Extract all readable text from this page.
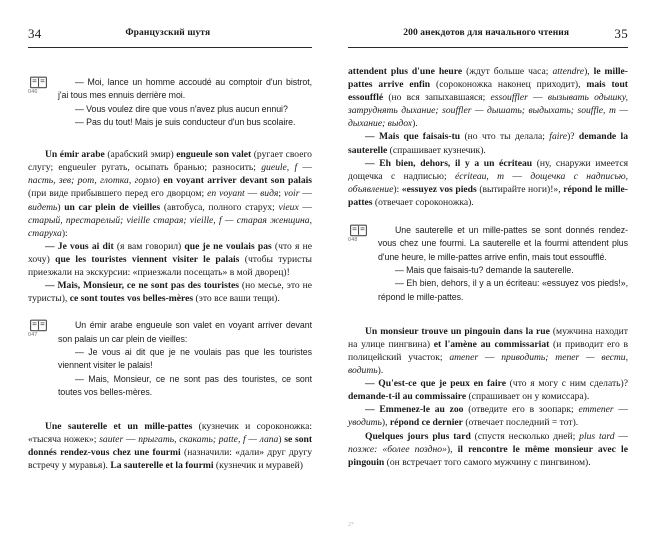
34	Французский шутя
046

— Moi, lance un homme accoudé au comptoir d'un bistrot, j'ai tous mes ennuis derrière moi.

— Vous voulez dire que vous n'avez plus aucun ennui?

— Pas du tout! Mais je suis conducteur d'un bus scolaire.

Un émir arabe (арабский эмир) engueule son valet (ругает своего слугу; engueuler ругать, осыпать бранью; разносить; gueule, f — пасть, зев; рот, глотка, горло) en voyant arriver devant son palais (при виде прибывшего перед его дворцом; en voyant — видя; voir — видеть) un car plein de vieilles (автобуса, полного старух; vieux — старый, престарелый; vieille старая; vieille, f — старая женщина, старуха):

— Je vous ai dit (я вам говорил) que je ne voulais pas (что я не хочу) que les touristes viennent visiter le palais (чтобы туристы приезжали на экскурсии: «приезжали посещать» в мой дворец)!

— Mais, Monsieur, ce ne sont pas des touristes (но месье, это не туристы), ce sont toutes vos belles-mères (это все ваши тещи).

047

Un émir arabe engueule son valet en voyant arriver devant son palais un car plein de vieilles:

— Je vous ai dit que je ne voulais pas que les touristes viennent visiter le palais!

— Mais, Monsieur, ce ne sont pas des touristes, ce sont toutes vos belles-mères.

Une sauterelle et un mille-pattes (кузнечик и сороконожка: «тысяча ножек»; sauter — прыгать, скакать; patte, f — лапа) se sont donnés rendez-vous chez une fourmi (назначили: «дали» друг другу встречу у муравья). La sauterelle et la fourmi (кузнечик и муравей)

200 анекдотов для начального чтения	35

attendent plus d'une heure (ждут больше часа; attendre), le mille-pattes arrive enfin (сороконожка наконец приходит), mais tout essoufflé (но вся запыхавшаяся; essouffler — вызывать одышку, затруднять дыхание; souffler — дышать; выдыхать; souffle, m — дыхание; выдох).

— Mais que faisais-tu (но что ты делала; faire)? demande la sauterelle (спрашивает кузнечик).

— Eh bien, dehors, il y a un écriteau (ну, снаружи имеется дощечка с надписью; écriteau, m — дощечка с надписью, объявление): «essuyez vos pieds (вытирайте ноги)!», répond le mille-pattes (отвечает сороконожка).

048

Une sauterelle et un mille-pattes se sont donnés rendez-vous chez une fourmi. La sauterelle et la fourmi attendent plus d'une heure, le mille-pattes arrive enfin, mais tout essoufflé.

— Mais que faisais-tu? demande la sauterelle.

— Eh bien, dehors, il y a un écriteau: «essuyez vos pieds!», répond le mille-pattes.

Un monsieur trouve un pingouin dans la rue (мужчина находит на улице пингвина) et l'amène au commissariat (и приводит его в полицейский участок; amener — приводить; mener — вести, водить).

— Qu'est-ce que je peux en faire (что я могу с ним сделать)? demande-t-il au commissaire (спрашивает он у комиссара).

— Emmenez-le au zoo (отведите его в зоопарк; emmener — уводить), répond ce dernier (отвечает последний = тот).

Quelques jours plus tard (спустя несколько дней; plus tard — позже: «более поздно»), il rencontre le même monsieur avec le pingouin (он встречает того самого мужчину с пингвином).

2*
